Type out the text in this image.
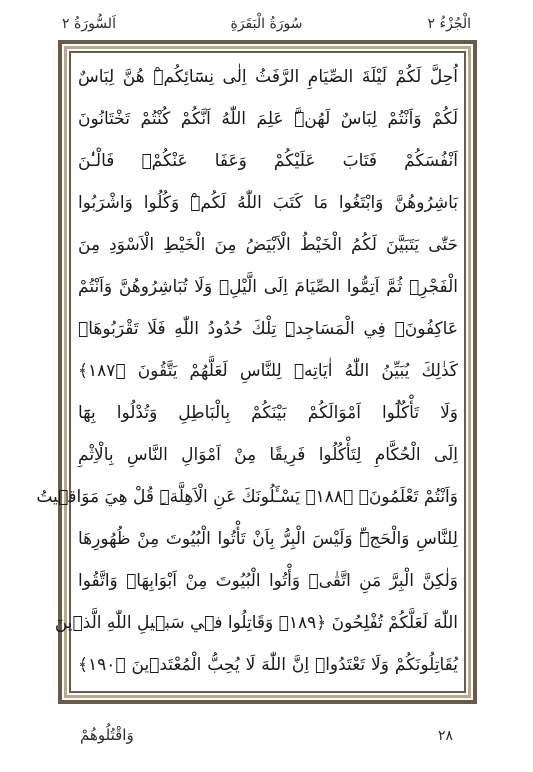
اَلسُّورَةُ ٢	سُورَةُ الْبَقَرَةِ	الْجُزْءُ ٢
اُحِلَّ لَكُمْ لَيْلَةَ الصِّيَامِ الرَّفَثُ اِلٰى نِسَٓائِكُمْۜ هُنَّ لِبَاسٌ
لَكُمْ وَاَنْتُمْ لِبَاسٌ لَهُنَّۜ عَلِمَ اللّٰهُ اَنَّكُمْ كُنْتُمْ تَخْتَانُونَ
اَنْفُسَكُمْ فَتَابَ عَلَيْكُمْ وَعَفَا عَنْكُمْۚ فَالْـٰٔنَ
بَاشِرُوهُنَّ وَابْتَغُوا مَا كَتَبَ اللّٰهُ لَكُمْۜ وَكُلُوا وَاشْرَبُوا
حَتّٰى يَتَبَيَّنَ لَكُمُ الْخَيْطُ الْاَبْيَضُ مِنَ الْخَيْطِ الْاَسْوَدِ مِنَ
الْفَجْرِۖ ثُمَّ اَتِمُّوا الصِّيَامَ اِلَى الَّيْلِۚ وَلَا تُبَاشِرُوهُنَّ وَاَنْتُمْ
عَاكِفُونَۙ فِي الْمَسَاجِدِۜ تِلْكَ حُدُودُ اللّٰهِ فَلَا تَقْرَبُوهَاۜ
كَذٰلِكَ يُبَيِّنُ اللّٰهُ اٰيَاتِه۪ لِلنَّاسِ لَعَلَّهُمْ يَتَّقُونَ ﴿١٨٧﴾
وَلَا تَأْكُلُٓوا اَمْوَالَكُمْ بَيْنَكُمْ بِالْبَاطِلِ وَتُدْلُوا بِهَٓا
اِلَى الْحُكَّامِ لِتَأْكُلُوا فَرِيقًا مِنْ اَمْوَالِ النَّاسِ بِالْاِثْمِ
وَاَنْتُمْ تَعْلَمُونَ۟ ﴿١٨٨﴾ يَسْـَٔلُونَكَ عَنِ الْاَهِلَّةِۜ قُلْ هِيَ مَوَاق۪يتُ
لِلنَّاسِ وَالْحَجِّۜ وَلَيْسَ الْبِرُّ بِاَنْ تَأْتُوا الْبُيُوتَ مِنْ ظُهُورِهَا
وَلٰكِنَّ الْبِرَّ مَنِ اتَّقٰىۚ وَأْتُوا الْبُيُوتَ مِنْ اَبْوَابِهَاۖ وَاتَّقُوا
اللّٰهَ لَعَلَّكُمْ تُفْلِحُونَ ﴿١٨٩﴾ وَقَاتِلُوا ف۪ي سَب۪يلِ اللّٰهِ الَّذ۪ينَ
يُقَاتِلُونَكُمْ وَلَا تَعْتَدُواۜ اِنَّ اللّٰهَ لَا يُحِبُّ الْمُعْتَد۪ينَ ﴿١٩٠﴾
وَاقْتُلُوهُمْ	٢٨
